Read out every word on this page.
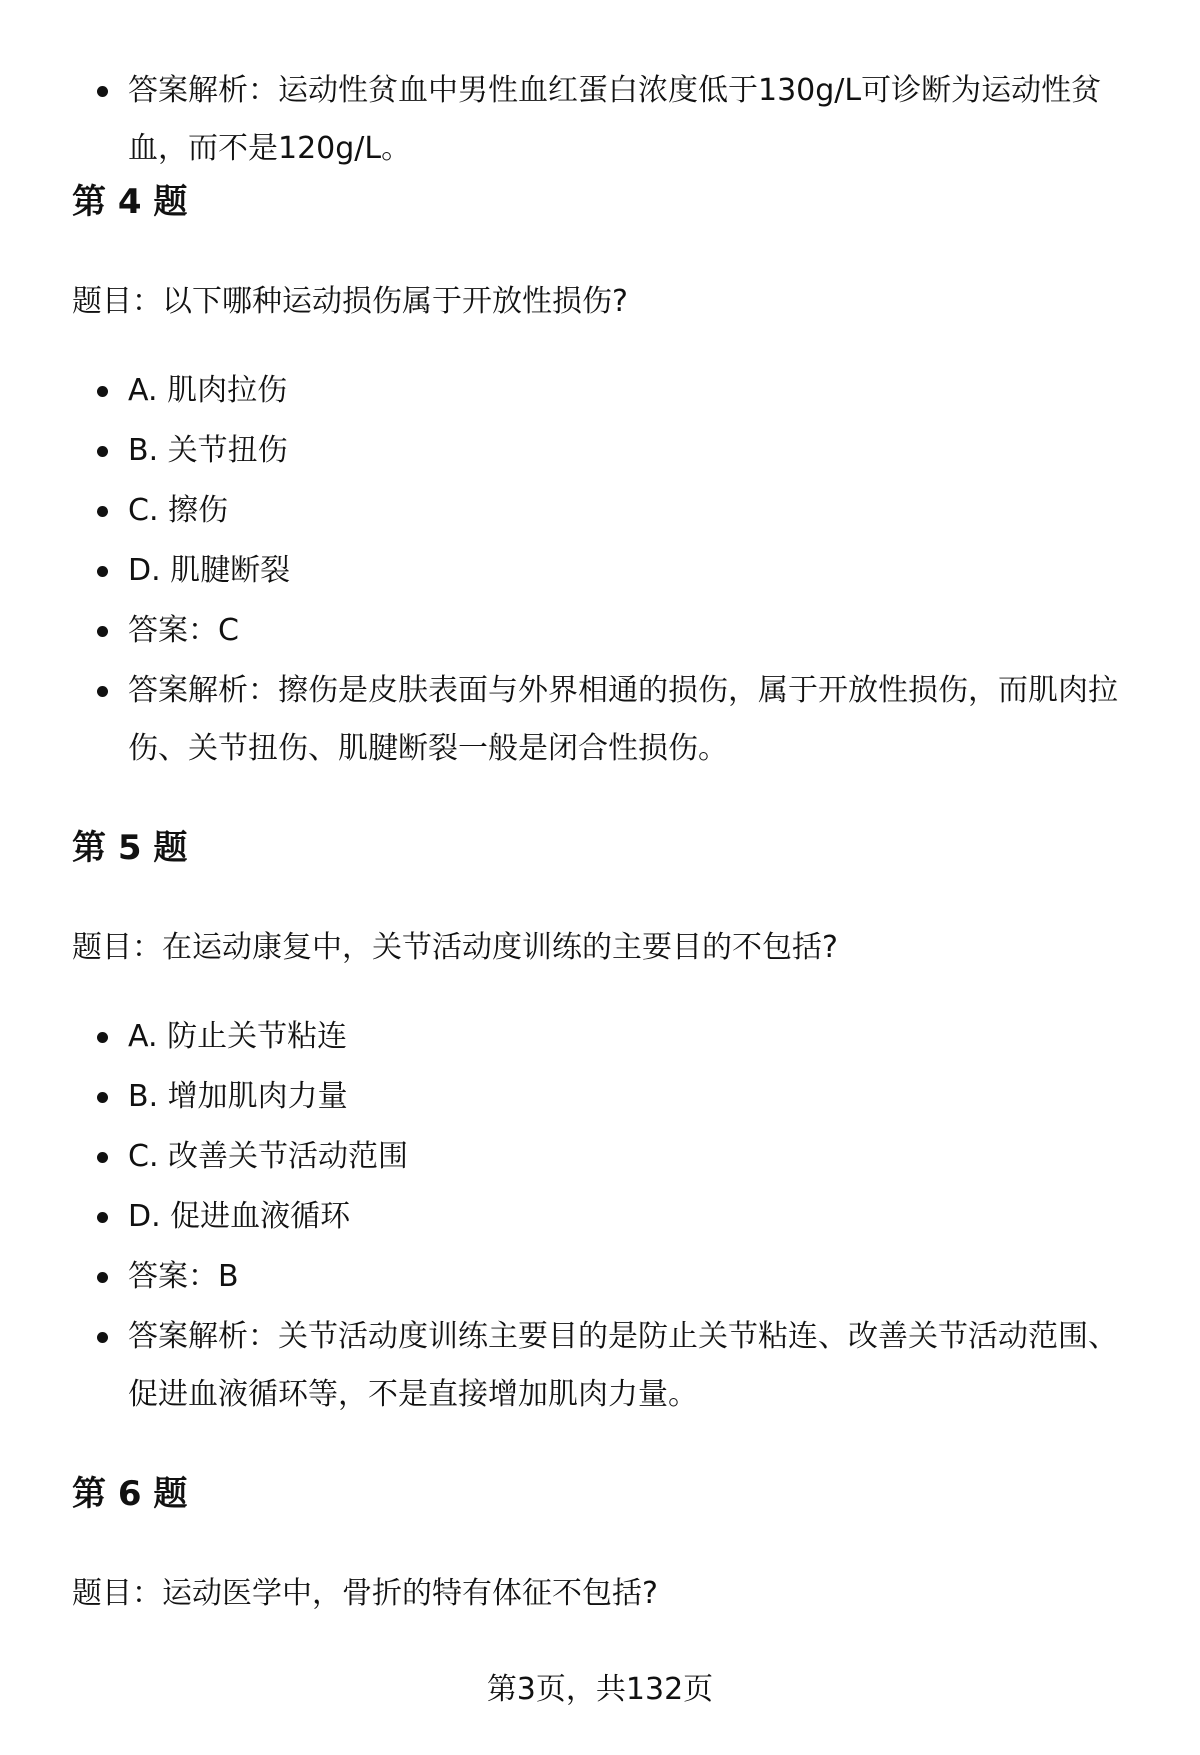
答案解析：运动性贫血中男性血红蛋白浓度低于130g/L可诊断为运动性贫血，而不是120g/L。
第 4 题

题目：以下哪种运动损伤属于开放性损伤?

A. 肌肉拉伤
B. 关节扭伤
C. 擦伤
D. 肌腱断裂
答案：C
答案解析：擦伤是皮肤表面与外界相通的损伤，属于开放性损伤，而肌肉拉伤、关节扭伤、肌腱断裂一般是闭合性损伤。
第 5 题

题目：在运动康复中，关节活动度训练的主要目的不包括?

A. 防止关节粘连
B. 增加肌肉力量
C. 改善关节活动范围
D. 促进血液循环
答案：B
答案解析：关节活动度训练主要目的是防止关节粘连、改善关节活动范围、促进血液循环等，不是直接增加肌肉力量。
第 6 题

题目：运动医学中，骨折的特有体征不包括?

第3页，共132页
